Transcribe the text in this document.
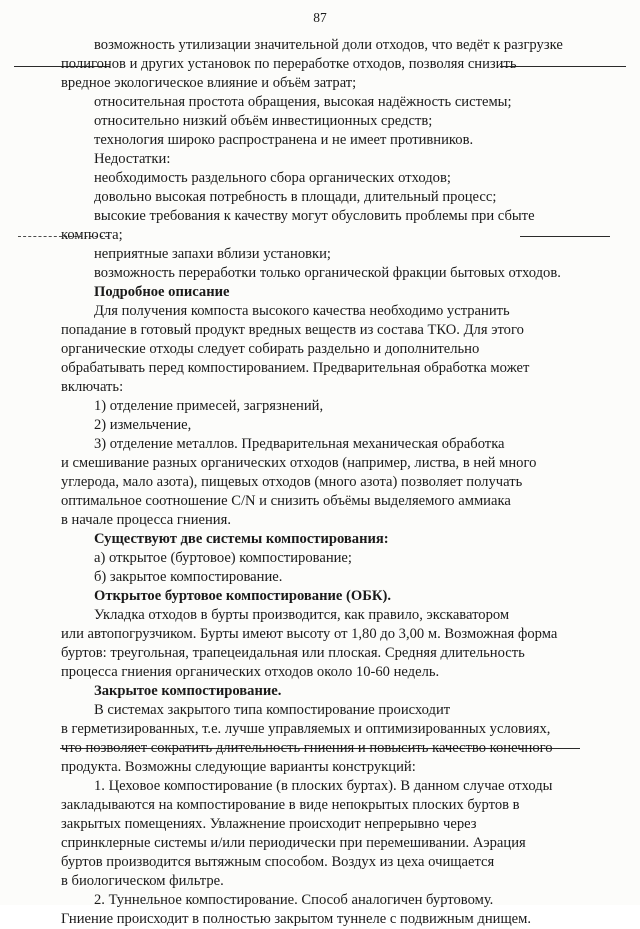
87

возможность утилизации значительной доли отходов, что ведёт к разгрузке

полигонов и других установок по переработке отходов, позволяя снизить

вредное экологическое влияние и объём затрат;

относительная простота обращения, высокая надёжность системы;

относительно низкий объём инвестиционных средств;

технология широко распространена и не имеет противников.

Недостатки:

необходимость раздельного сбора органических отходов;

довольно высокая потребность в площади, длительный процесс;

высокие требования к качеству могут обусловить проблемы при сбыте

компоста;

неприятные запахи вблизи установки;

возможность переработки только органической фракции бытовых отходов.

Подробное описание

Для получения компоста высокого качества необходимо устранить

попадание в готовый продукт вредных веществ из состава ТКО. Для этого

органические отходы следует собирать раздельно и дополнительно

обрабатывать перед компостированием. Предварительная обработка может

включать:

1) отделение примесей, загрязнений,

2) измельчение,

3) отделение металлов. Предварительная механическая обработка

и смешивание разных органических отходов (например, листва, в ней много

углерода, мало азота), пищевых отходов (много азота) позволяет получать

оптимальное соотношение C/N и снизить объёмы выделяемого аммиака

в начале процесса гниения.

Существуют две системы компостирования:

а) открытое (буртовое) компостирование;

б) закрытое компостирование.

Открытое буртовое компостирование (ОБК).

Укладка отходов в бурты производится, как правило, экскаватором

или автопогрузчиком. Бурты имеют высоту от 1,80 до 3,00 м. Возможная форма

буртов: треугольная, трапецеидальная или плоская. Средняя длительность

процесса гниения органических отходов около 10-60 недель.

Закрытое компостирование.

В системах закрытого типа компостирование происходит

в герметизированных, т.е. лучше управляемых и оптимизированных условиях,

что позволяет сократить длительность гниения и повысить качество конечного

продукта. Возможны следующие варианты конструкций:

1. Цеховое компостирование (в плоских буртах). В данном случае отходы

закладываются на компостирование в виде непокрытых плоских буртов в

закрытых помещениях. Увлажнение происходит непрерывно через

спринклерные системы и/или периодически при перемешивании. Аэрация

буртов производится вытяжным способом. Воздух из цеха очищается

в биологическом фильтре.

2. Туннельное компостирование. Способ аналогичен буртовому.

Гниение происходит в полностью закрытом туннеле с подвижным днищем.
